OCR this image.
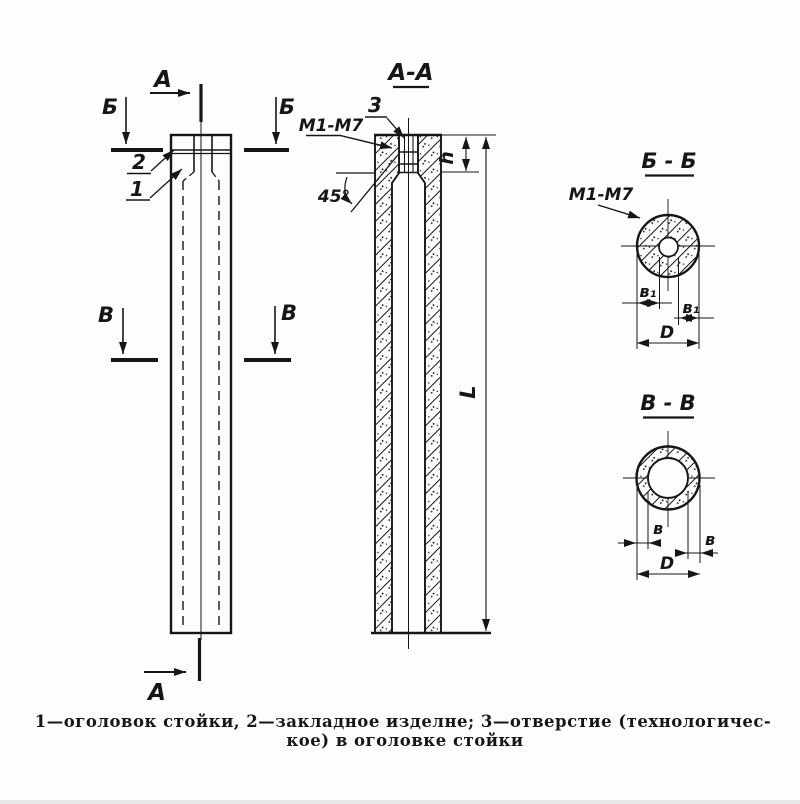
А
А
Б	Б
В	В
2
1
А-А
3
М1-М7
45°
h
L
Б - Б
М1-М7
в₁
в₁
D
В - В
в
в
D
1—оголовок стойки, 2—закладное изделне; 3—отверстие (технологичес-
кое) в оголовке стойки
